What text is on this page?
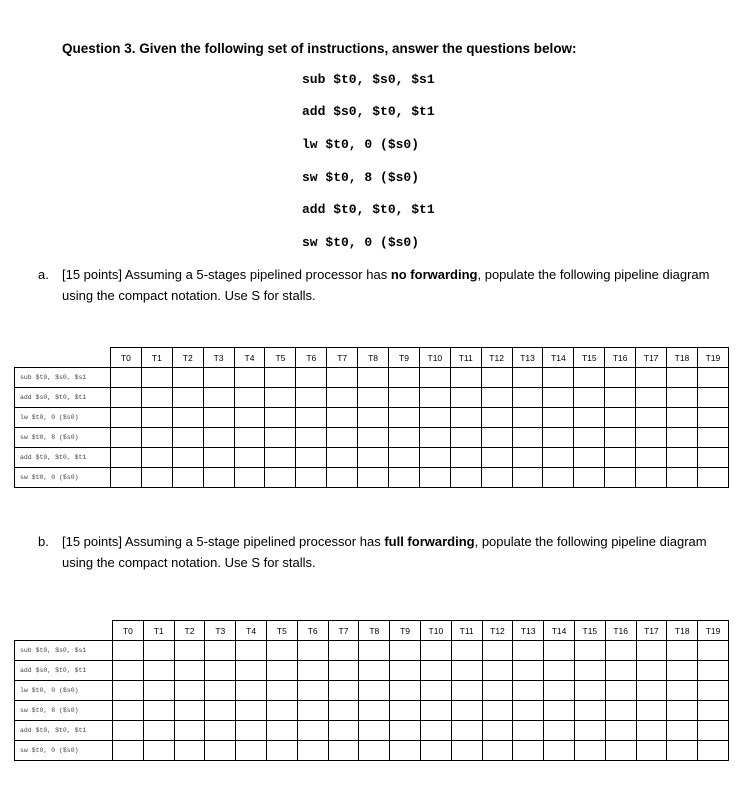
Question 3. Given the following set of instructions, answer the questions below:
sub $t0, $s0, $s1
add $s0, $t0, $t1
lw $t0, 0 ($s0)
sw $t0, 8 ($s0)
add $t0, $t0, $t1
sw $t0, 0 ($s0)
a. [15 points] Assuming a 5-stages pipelined processor has no forwarding, populate the following pipeline diagram using the compact notation. Use S for stalls.
	T0	T1	T2	T3	T4	T5	T6	T7	T8	T9	T10	T11	T12	T13	T14	T15	T16	T17	T18	T19
sub $t0, $s0, $s1																				
add $s0, $t0, $t1																				
lw $t0, 0 ($s0)																				
sw $t0, 8 ($s0)																				
add $t0, $t0, $t1																				
sw $t0, 0 ($s0)																				
b. [15 points] Assuming a 5-stage pipelined processor has full forwarding, populate the following pipeline diagram using the compact notation. Use S for stalls.
	T0	T1	T2	T3	T4	T5	T6	T7	T8	T9	T10	T11	T12	T13	T14	T15	T16	T17	T18	T19
sub $t0, $s0, $s1																				
add $s0, $t0, $t1																				
lw $t0, 0 ($s0)																				
sw $t0, 8 ($s0)																				
add $t0, $t0, $t1																				
sw $t0, 0 ($s0)																				
